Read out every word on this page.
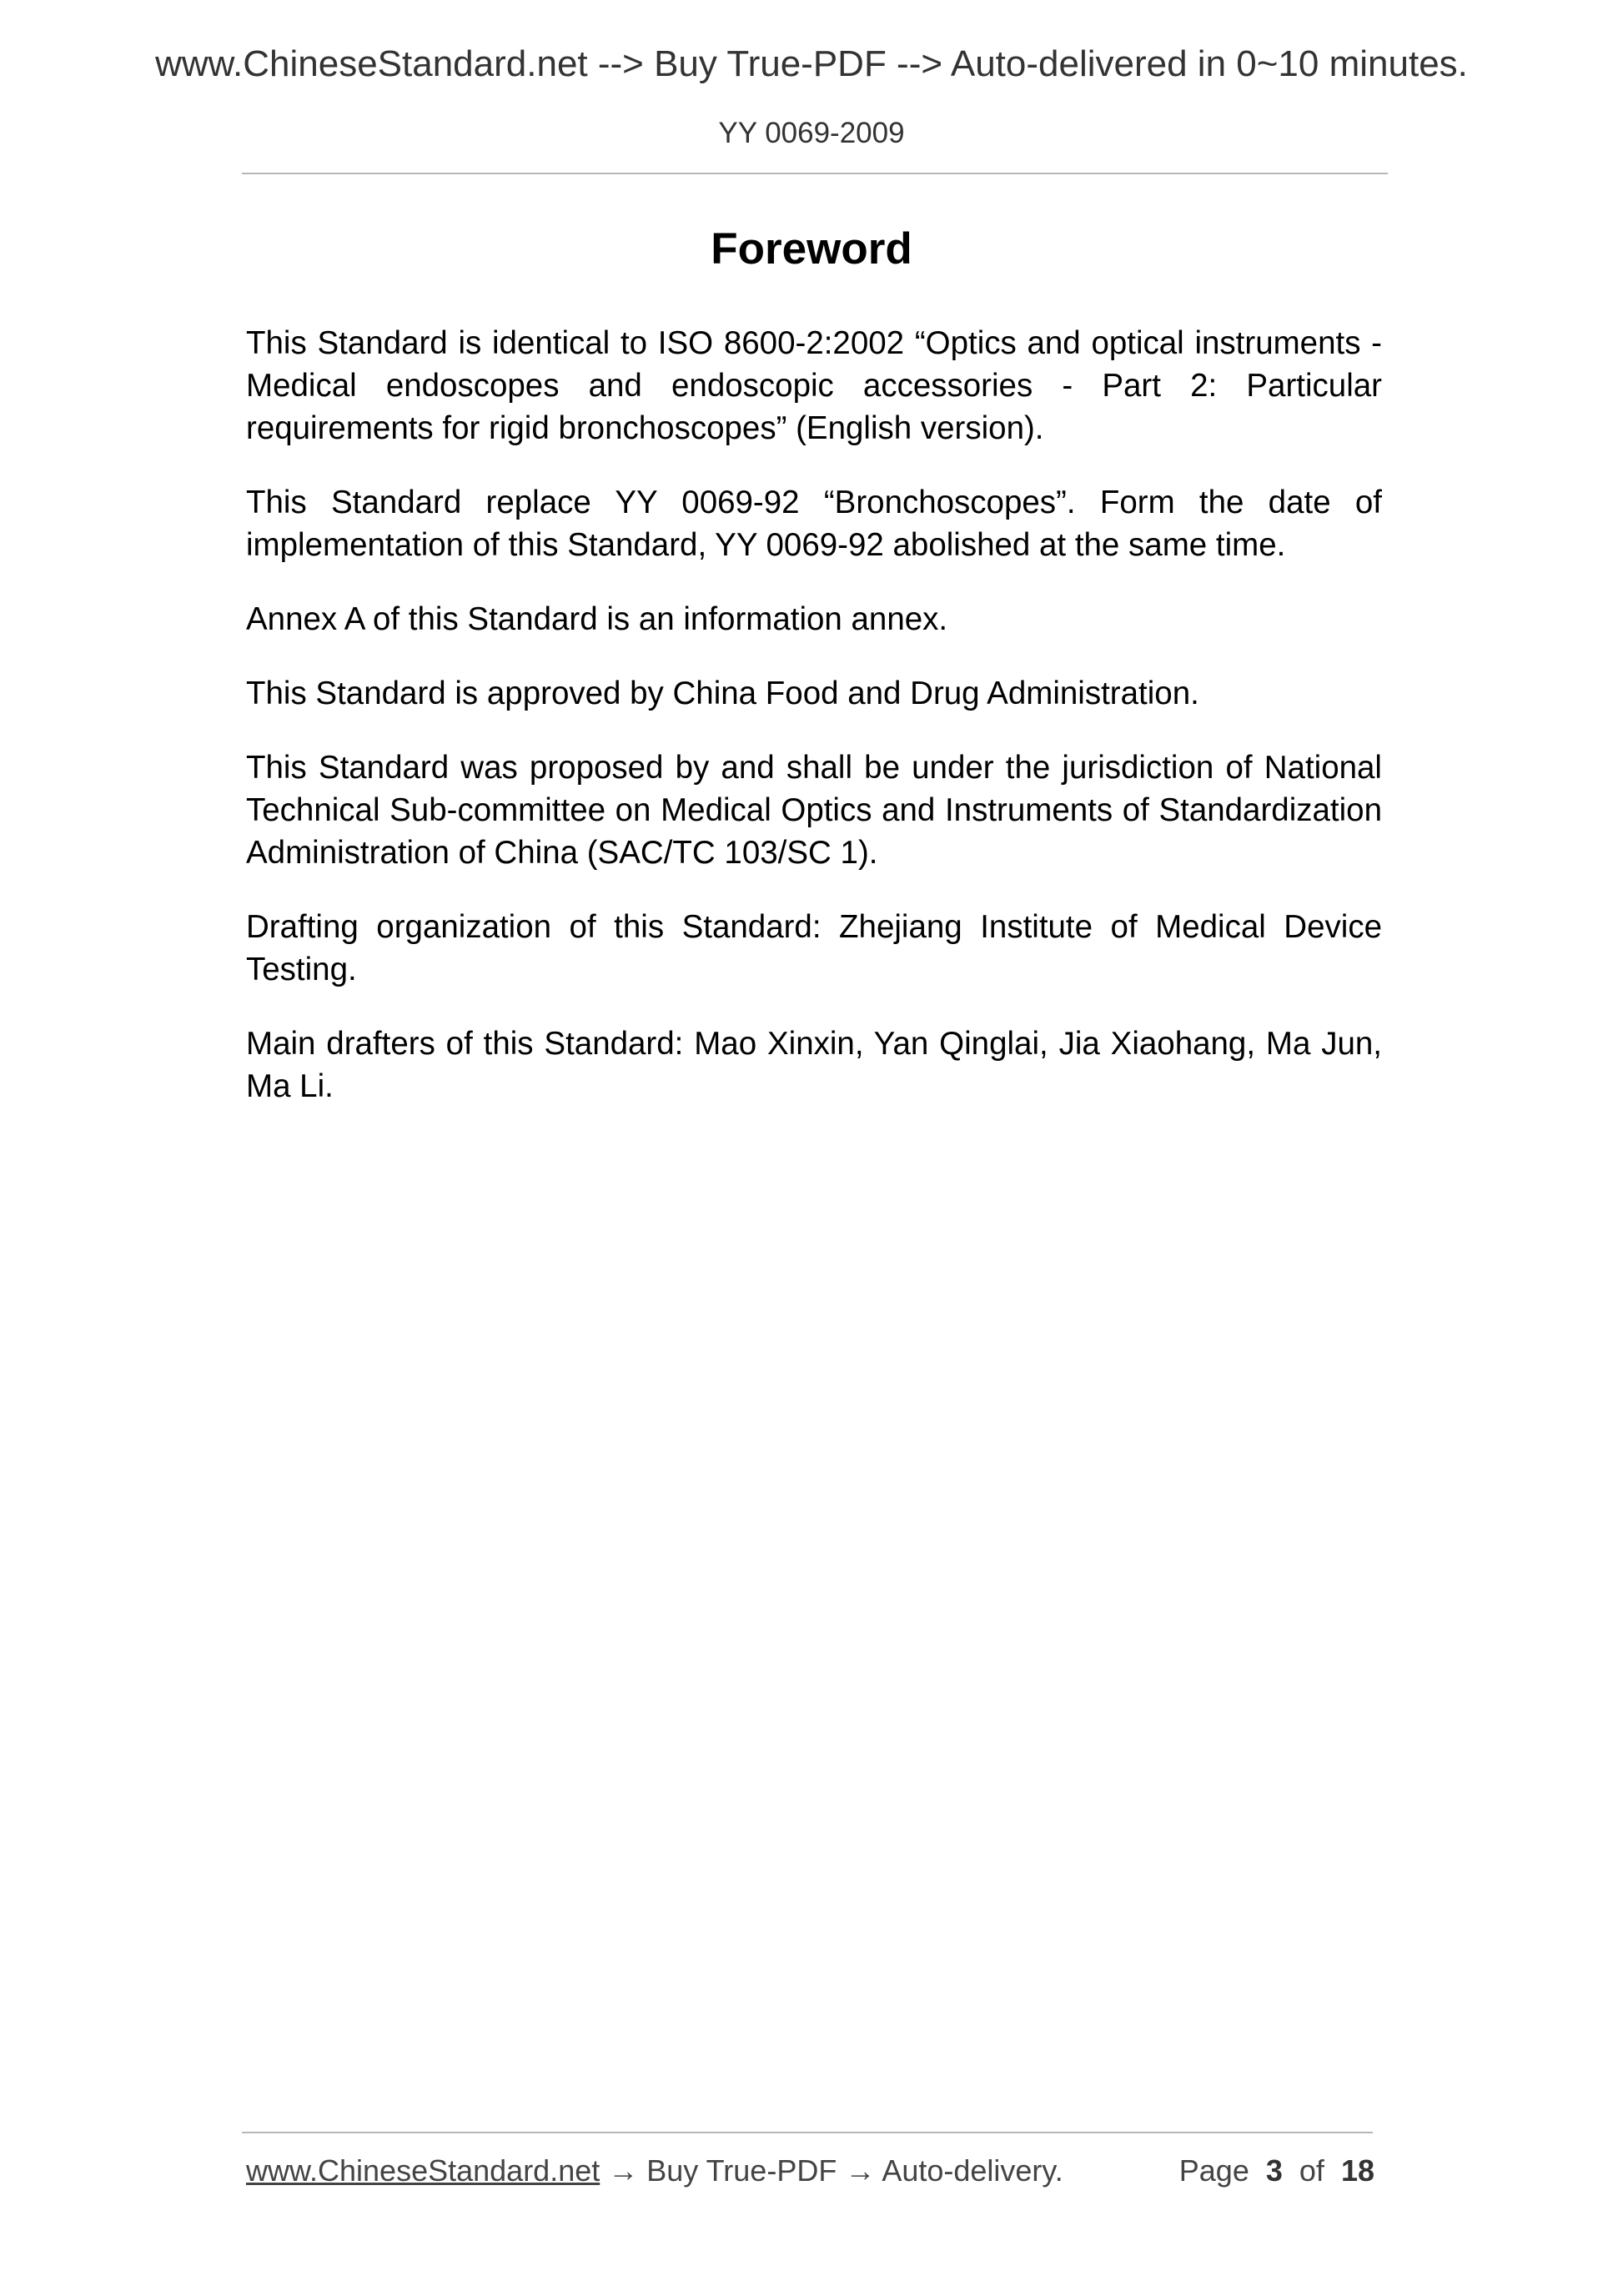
www.ChineseStandard.net --> Buy True-PDF --> Auto-delivered in 0~10 minutes.
YY 0069-2009
Foreword

This Standard is identical to ISO 8600-2:2002 “Optics and optical instruments - Medical endoscopes and endoscopic accessories - Part 2: Particular requirements for rigid bronchoscopes” (English version).

This Standard replace YY 0069-92 “Bronchoscopes”. Form the date of implementation of this Standard, YY 0069-92 abolished at the same time.

Annex A of this Standard is an information annex.

This Standard is approved by China Food and Drug Administration.

This Standard was proposed by and shall be under the jurisdiction of National Technical Sub-committee on Medical Optics and Instruments of Standardization Administration of China (SAC/TC 103/SC 1).

Drafting organization of this Standard: Zhejiang Institute of Medical Device Testing.

Main drafters of this Standard: Mao Xinxin, Yan Qinglai, Jia Xiaohang, Ma Jun, Ma Li.

www.ChineseStandard.net → Buy True-PDF → Auto-delivery.	Page 3 of 18
